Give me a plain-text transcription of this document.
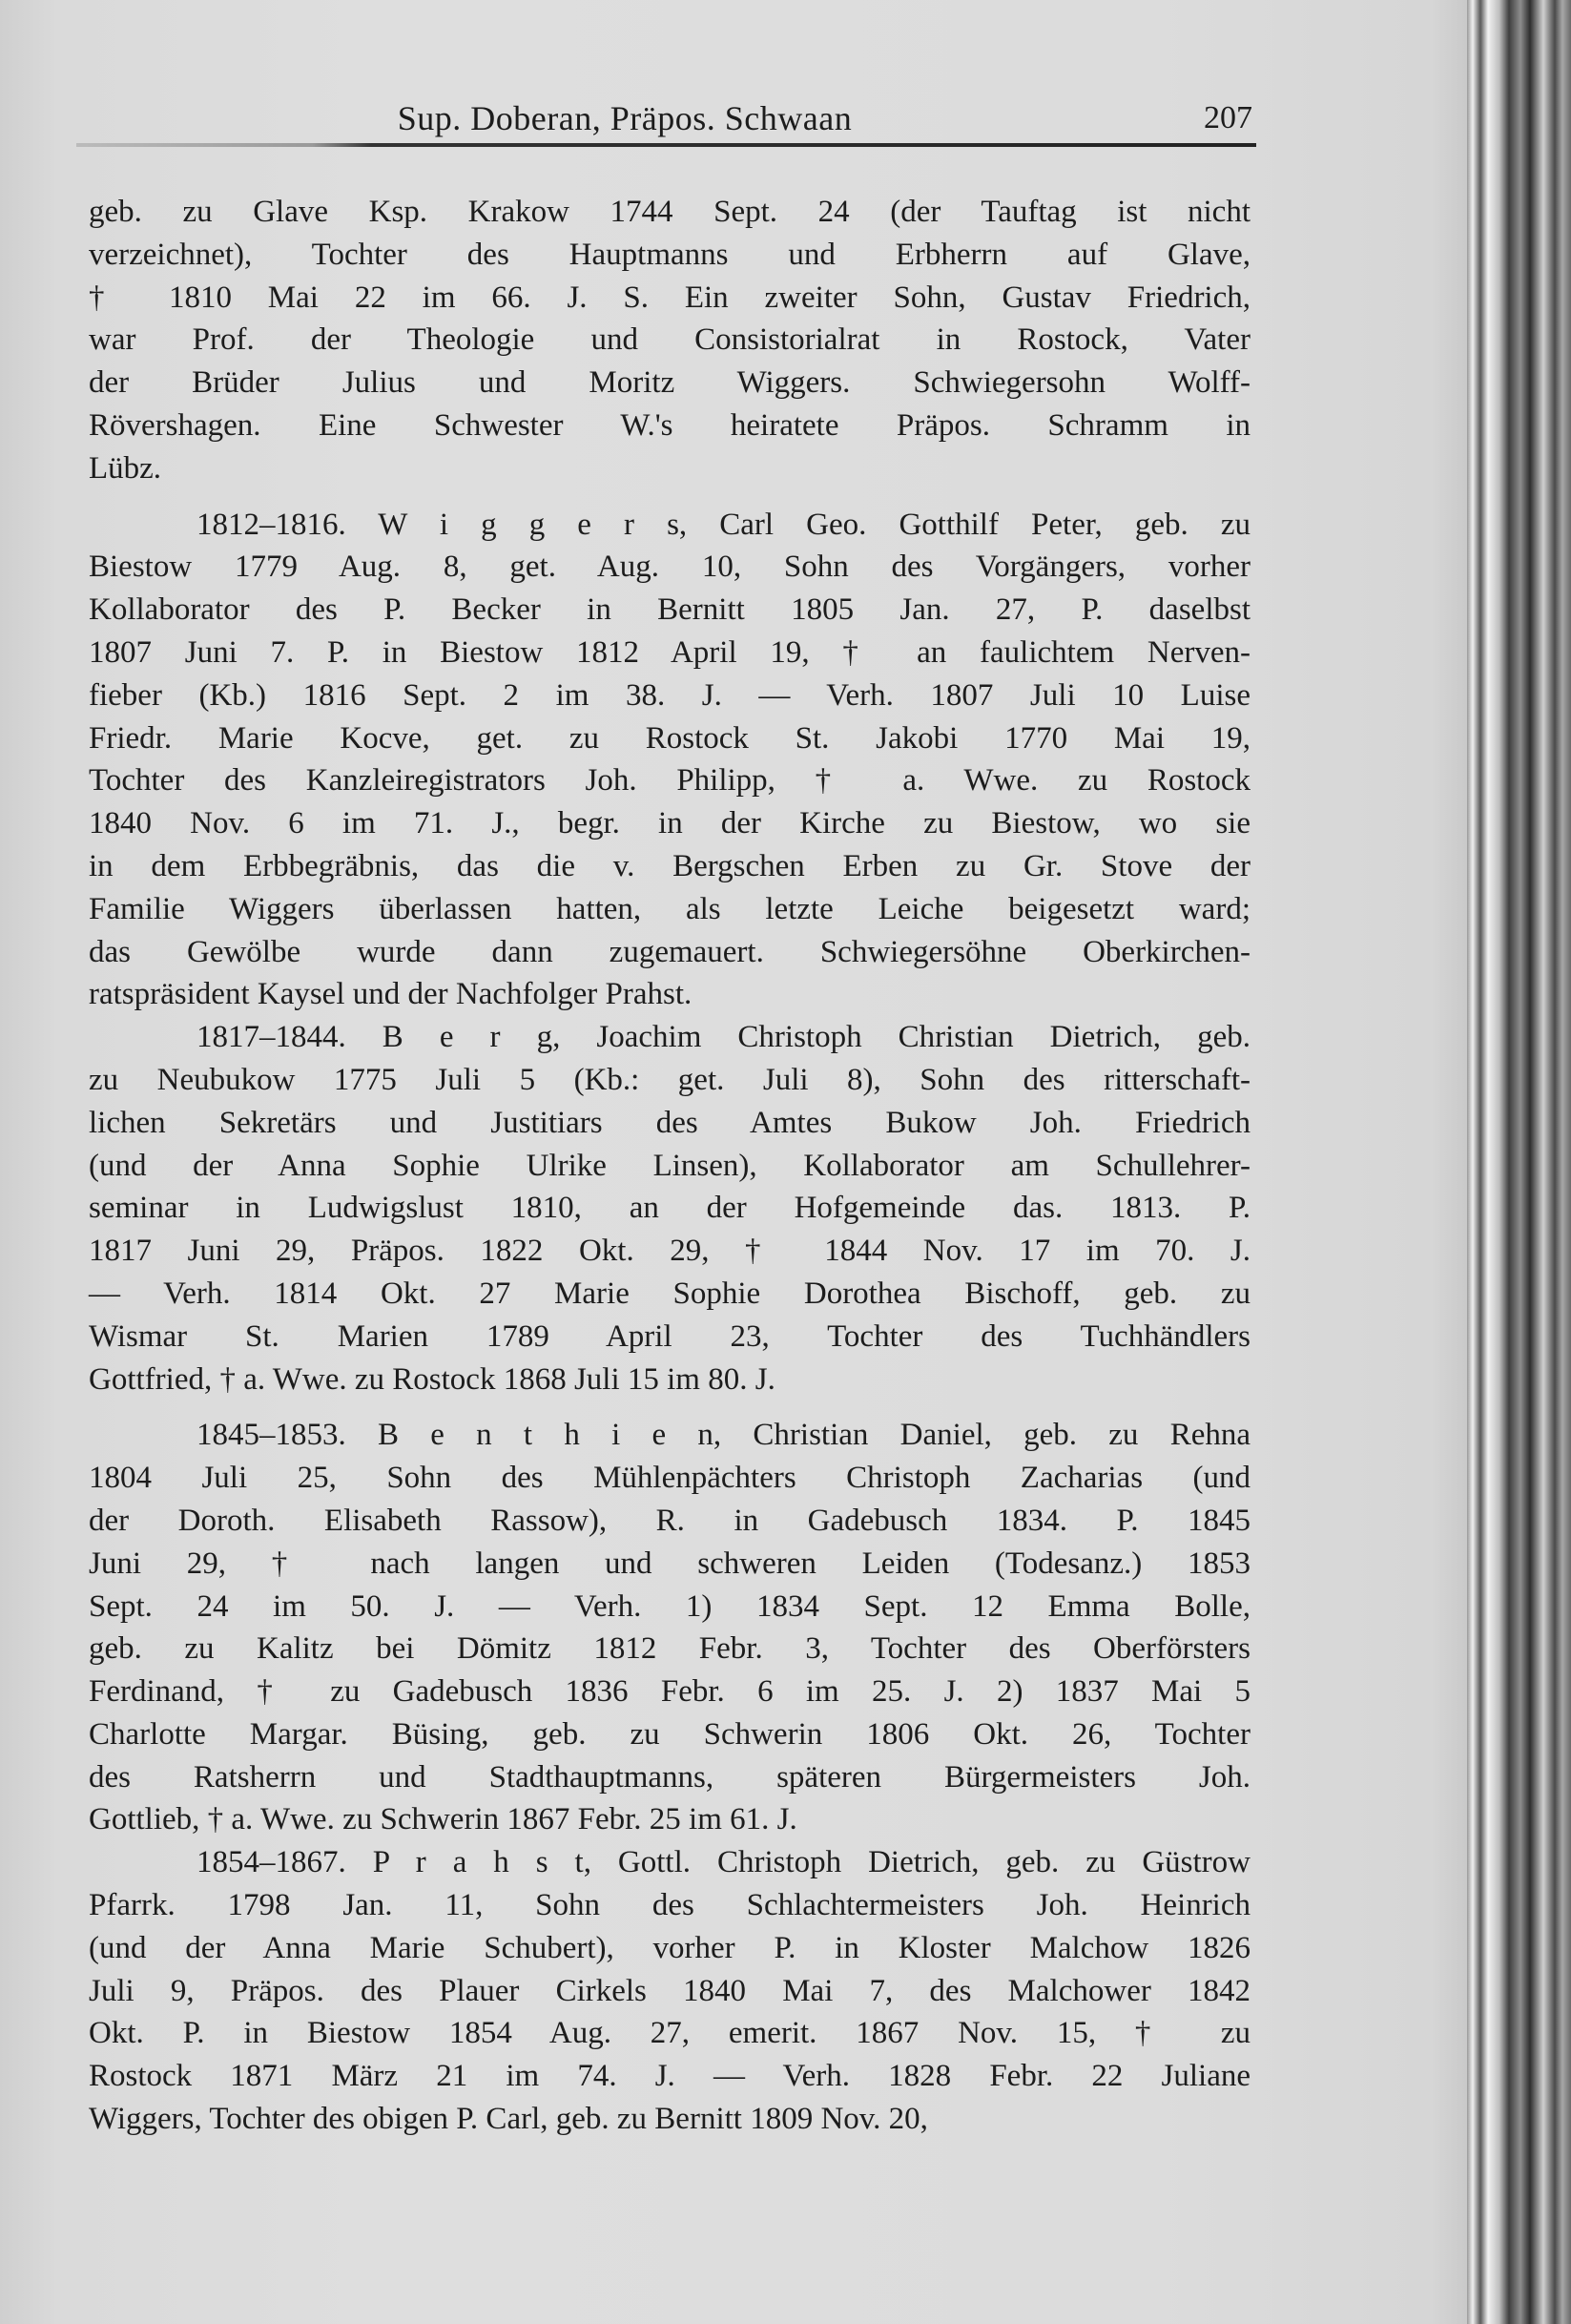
Sup. Doberan, Präpos. Schwaan	207
geb. zu Glave Ksp. Krakow 1744 Sept. 24 (der Tauftag ist nicht
verzeichnet), Tochter des Hauptmanns und Erbherrn auf Glave,
† 1810 Mai 22 im 66. J. S. Ein zweiter Sohn, Gustav Friedrich,
war Prof. der Theologie und Consistorialrat in Rostock, Vater
der Brüder Julius und Moritz Wiggers. Schwiegersohn Wolff-
Rövershagen. Eine Schwester W.'s heiratete Präpos. Schramm in
Lübz.
1812–1816. W i g g e r s, Carl Geo. Gotthilf Peter, geb. zu
Biestow 1779 Aug. 8, get. Aug. 10, Sohn des Vorgängers, vorher
Kollaborator des P. Becker in Bernitt 1805 Jan. 27, P. daselbst
1807 Juni 7. P. in Biestow 1812 April 19, † an faulichtem Nerven-
fieber (Kb.) 1816 Sept. 2 im 38. J. — Verh. 1807 Juli 10 Luise
Friedr. Marie Kocve, get. zu Rostock St. Jakobi 1770 Mai 19,
Tochter des Kanzleiregistrators Joh. Philipp, † a. Wwe. zu Rostock
1840 Nov. 6 im 71. J., begr. in der Kirche zu Biestow, wo sie
in dem Erbbegräbnis, das die v. Bergschen Erben zu Gr. Stove der
Familie Wiggers überlassen hatten, als letzte Leiche beigesetzt ward;
das Gewölbe wurde dann zugemauert. Schwiegersöhne Oberkirchen-
ratspräsident Kaysel und der Nachfolger Prahst.
1817–1844. B e r g, Joachim Christoph Christian Dietrich, geb.
zu Neubukow 1775 Juli 5 (Kb.: get. Juli 8), Sohn des ritterschaft-
lichen Sekretärs und Justitiars des Amtes Bukow Joh. Friedrich
(und der Anna Sophie Ulrike Linsen), Kollaborator am Schullehrer-
seminar in Ludwigslust 1810, an der Hofgemeinde das. 1813. P.
1817 Juni 29, Präpos. 1822 Okt. 29, † 1844 Nov. 17 im 70. J.
— Verh. 1814 Okt. 27 Marie Sophie Dorothea Bischoff, geb. zu
Wismar St. Marien 1789 April 23, Tochter des Tuchhändlers
Gottfried, † a. Wwe. zu Rostock 1868 Juli 15 im 80. J.
1845–1853. B e n t h i e n, Christian Daniel, geb. zu Rehna
1804 Juli 25, Sohn des Mühlenpächters Christoph Zacharias (und
der Doroth. Elisabeth Rassow), R. in Gadebusch 1834. P. 1845
Juni 29, † nach langen und schweren Leiden (Todesanz.) 1853
Sept. 24 im 50. J. — Verh. 1) 1834 Sept. 12 Emma Bolle,
geb. zu Kalitz bei Dömitz 1812 Febr. 3, Tochter des Oberförsters
Ferdinand, † zu Gadebusch 1836 Febr. 6 im 25. J. 2) 1837 Mai 5
Charlotte Margar. Büsing, geb. zu Schwerin 1806 Okt. 26, Tochter
des Ratsherrn und Stadthauptmanns, späteren Bürgermeisters Joh.
Gottlieb, † a. Wwe. zu Schwerin 1867 Febr. 25 im 61. J.
1854–1867. P r a h s t, Gottl. Christoph Dietrich, geb. zu Güstrow
Pfarrk. 1798 Jan. 11, Sohn des Schlachtermeisters Joh. Heinrich
(und der Anna Marie Schubert), vorher P. in Kloster Malchow 1826
Juli 9, Präpos. des Plauer Cirkels 1840 Mai 7, des Malchower 1842
Okt. P. in Biestow 1854 Aug. 27, emerit. 1867 Nov. 15, † zu
Rostock 1871 März 21 im 74. J. — Verh. 1828 Febr. 22 Juliane
Wiggers, Tochter des obigen P. Carl, geb. zu Bernitt 1809 Nov. 20,
